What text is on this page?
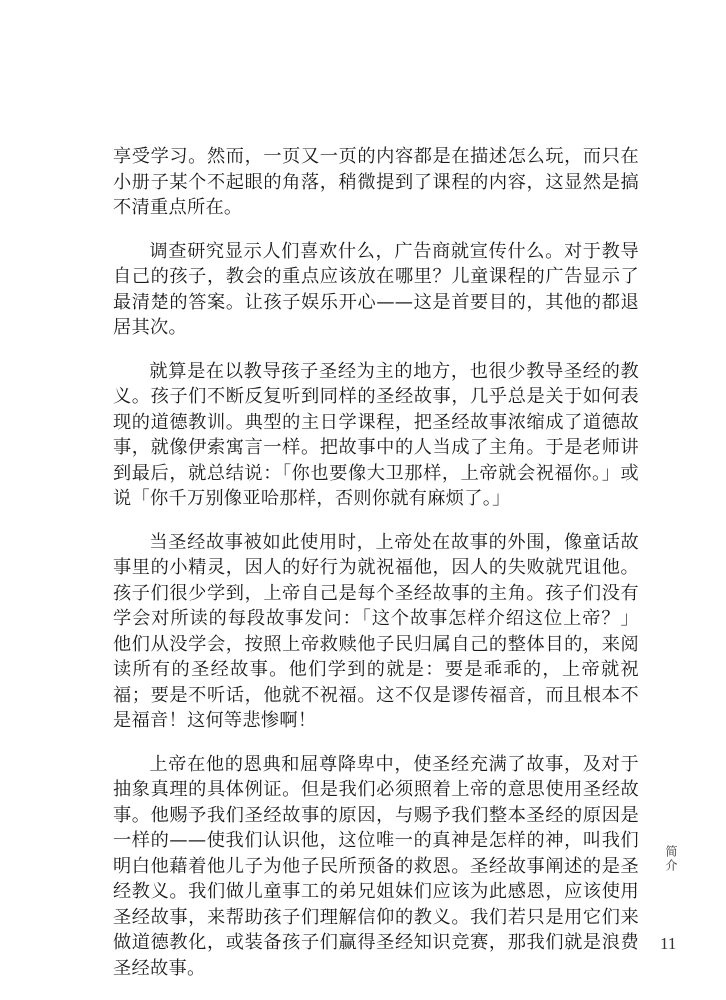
享受学习。然而，一页又一页的内容都是在描述怎么玩，而只在小册子某个不起眼的角落，稍微提到了课程的内容，这显然是搞不清重点所在。

调查研究显示人们喜欢什么，广告商就宣传什么。对于教导自己的孩子，教会的重点应该放在哪里？儿童课程的广告显示了最清楚的答案。让孩子娱乐开心——这是首要目的，其他的都退居其次。

就算是在以教导孩子圣经为主的地方，也很少教导圣经的教义。孩子们不断反复听到同样的圣经故事，几乎总是关于如何表现的道德教训。典型的主日学课程，把圣经故事浓缩成了道德故事，就像伊索寓言一样。把故事中的人当成了主角。于是老师讲到最后，就总结说：「你也要像大卫那样，上帝就会祝福你。」或说「你千万别像亚哈那样，否则你就有麻烦了。」

当圣经故事被如此使用时，上帝处在故事的外围，像童话故事里的小精灵，因人的好行为就祝福他，因人的失败就咒诅他。孩子们很少学到，上帝自己是每个圣经故事的主角。孩子们没有学会对所读的每段故事发问：「这个故事怎样介绍这位上帝？」他们从没学会，按照上帝救赎他子民归属自己的整体目的，来阅读所有的圣经故事。他们学到的就是：要是乖乖的，上帝就祝福；要是不听话，他就不祝福。这不仅是谬传福音，而且根本不是福音！这何等悲惨啊！

上帝在他的恩典和屈尊降卑中，使圣经充满了故事，及对于抽象真理的具体例证。但是我们必须照着上帝的意思使用圣经故事。他赐予我们圣经故事的原因，与赐予我们整本圣经的原因是一样的——使我们认识他，这位唯一的真神是怎样的神，叫我们明白他藉着他儿子为他子民所预备的救恩。圣经故事阐述的是圣经教义。我们做儿童事工的弟兄姐妹们应该为此感恩，应该使用圣经故事，来帮助孩子们理解信仰的教义。我们若只是用它们来做道德教化，或装备孩子们赢得圣经知识竞赛，那我们就是浪费圣经故事。

简介
11
